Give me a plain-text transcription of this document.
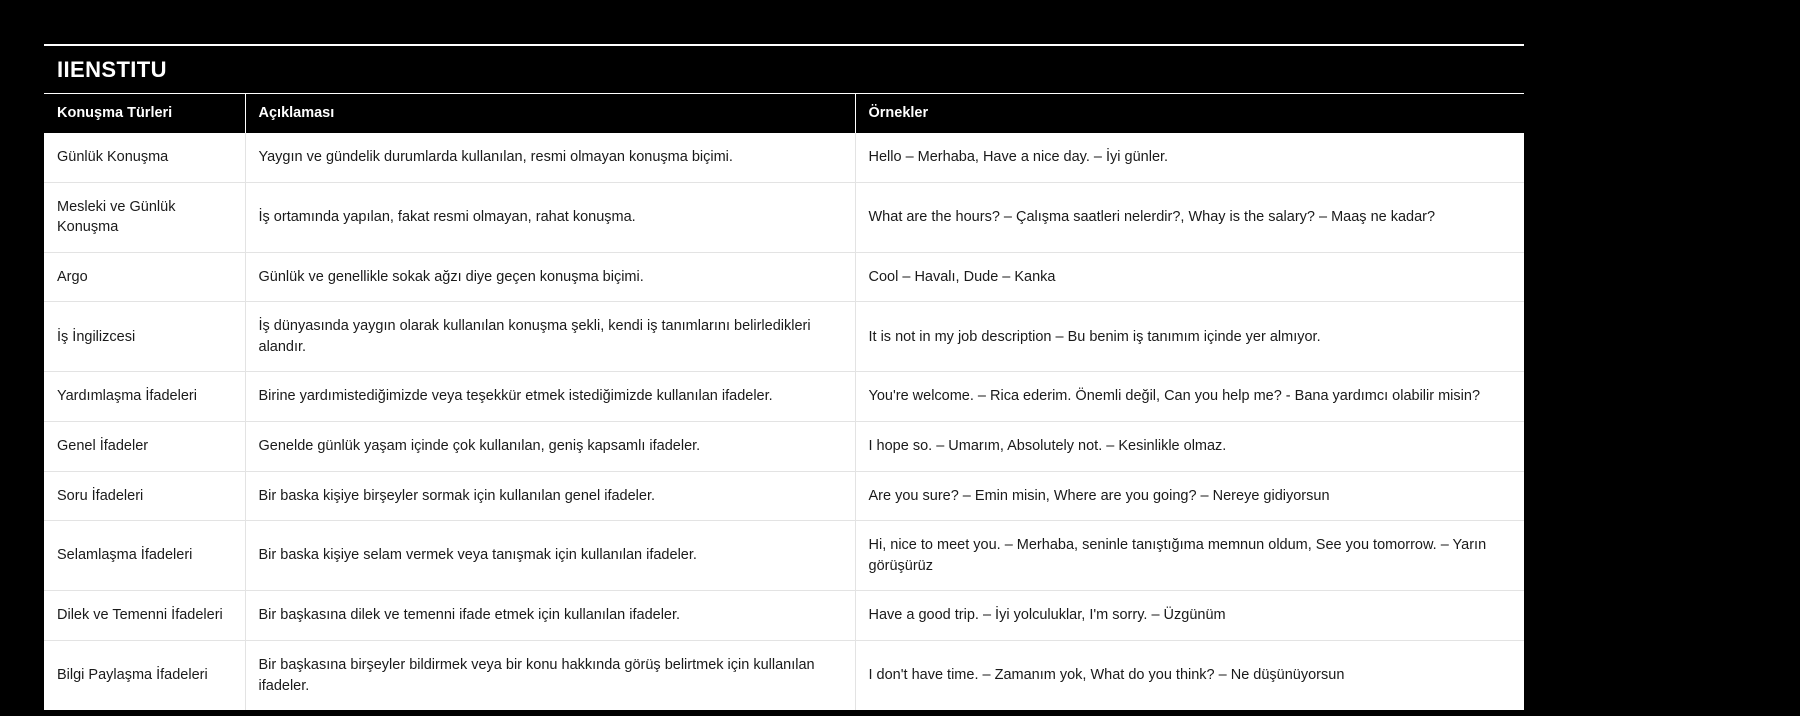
IIENSTITU
Konuşma Türleri	Açıklaması	Örnekler
Günlük Konuşma	Yaygın ve gündelik durumlarda kullanılan, resmi olmayan konuşma biçimi.	Hello – Merhaba, Have a nice day. – İyi günler.
Mesleki ve Günlük Konuşma	İş ortamında yapılan, fakat resmi olmayan, rahat konuşma.	What are the hours? – Çalışma saatleri nelerdir?, Whay is the salary? – Maaş ne kadar?
Argo	Günlük ve genellikle sokak ağzı diye geçen konuşma biçimi.	Cool – Havalı, Dude – Kanka
İş İngilizcesi	İş dünyasında yaygın olarak kullanılan konuşma şekli, kendi iş tanımlarını belirledikleri alandır.	It is not in my job description – Bu benim iş tanımım içinde yer almıyor.
Yardımlaşma İfadeleri	Birine yardımistediğimizde veya teşekkür etmek istediğimizde kullanılan ifadeler.	You're welcome. – Rica ederim. Önemli değil, Can you help me? - Bana yardımcı olabilir misin?
Genel İfadeler	Genelde günlük yaşam içinde çok kullanılan, geniş kapsamlı ifadeler.	I hope so. – Umarım, Absolutely not. – Kesinlikle olmaz.
Soru İfadeleri	Bir baska kişiye birşeyler sormak için kullanılan genel ifadeler.	Are you sure? – Emin misin, Where are you going? – Nereye gidiyorsun
Selamlaşma İfadeleri	Bir baska kişiye selam vermek veya tanışmak için kullanılan ifadeler.	Hi, nice to meet you. – Merhaba, seninle tanıştığıma memnun oldum, See you tomorrow. – Yarın görüşürüz
Dilek ve Temenni İfadeleri	Bir başkasına dilek ve temenni ifade etmek için kullanılan ifadeler.	Have a good trip. – İyi yolculuklar, I'm sorry. – Üzgünüm
Bilgi Paylaşma İfadeleri	Bir başkasına birşeyler bildirmek veya bir konu hakkında görüş belirtmek için kullanılan ifadeler.	I don't have time. – Zamanım yok, What do you think? – Ne düşünüyorsun
